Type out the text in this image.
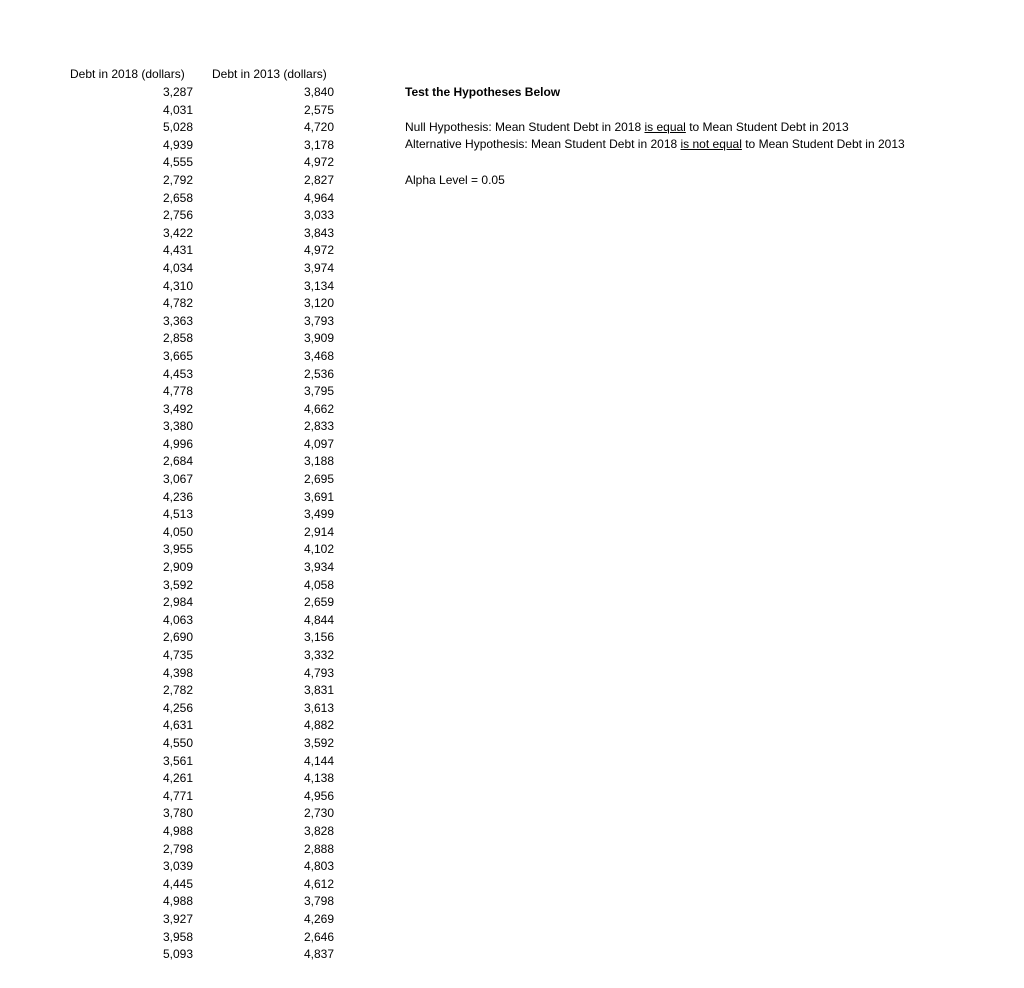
Debt in 2018 (dollars) Debt in 2013 (dollars)
3,287
4,031
5,028
4,939
4,555
2,792
2,658
2,756
3,422
4,431
4,034
4,310
4,782
3,363
2,858
3,665
4,453
4,778
3,492
3,380
4,996
2,684
3,067
4,236
4,513
4,050
3,955
2,909
3,592
2,984
4,063
2,690
4,735
4,398
2,782
4,256
4,631
4,550
3,561
4,261
4,771
3,780
4,988
2,798
3,039
4,445
4,988
3,927
3,958
5,093
3,840
2,575
4,720
3,178
4,972
2,827
4,964
3,033
3,843
4,972
3,974
3,134
3,120
3,793
3,909
3,468
2,536
3,795
4,662
2,833
4,097
3,188
2,695
3,691
3,499
2,914
4,102
3,934
4,058
2,659
4,844
3,156
3,332
4,793
3,831
3,613
4,882
3,592
4,144
4,138
4,956
2,730
3,828
2,888
4,803
4,612
3,798
4,269
2,646
4,837
Test the Hypotheses Below
Null Hypothesis: Mean Student Debt in 2018 is equal to Mean Student Debt in 2013
Alternative Hypothesis: Mean Student Debt in 2018 is not equal to Mean Student Debt in 2013
Alpha Level = 0.05
